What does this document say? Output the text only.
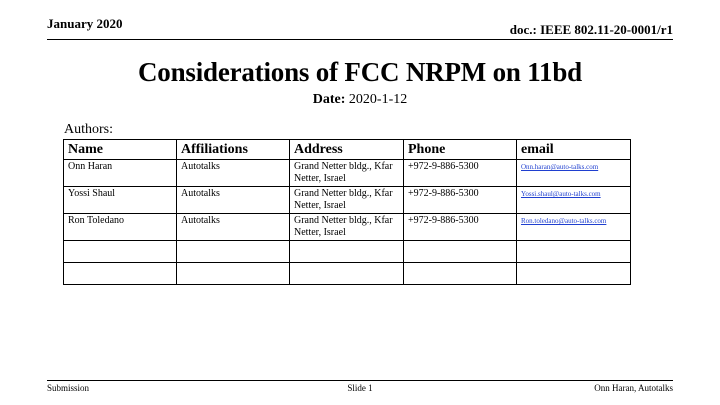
January 2020	doc.: IEEE 802.11-20-0001/r1
Considerations of FCC NRPM on 11bd
Date: 2020-1-12
Authors:
Name	Affiliations	Address	Phone	email
Onn Haran	Autotalks	Grand Netter bldg., Kfar Netter, Israel	+972-9-886-5300	Onn.haran@auto-talks.com
Yossi Shaul	Autotalks	Grand Netter bldg., Kfar Netter, Israel	+972-9-886-5300	Yossi.shaul@auto-talks.com
Ron Toledano	Autotalks	Grand Netter bldg., Kfar Netter, Israel	+972-9-886-5300	Ron.toledano@auto-talks.com

Submission	Slide 1	Onn Haran, Autotalks
